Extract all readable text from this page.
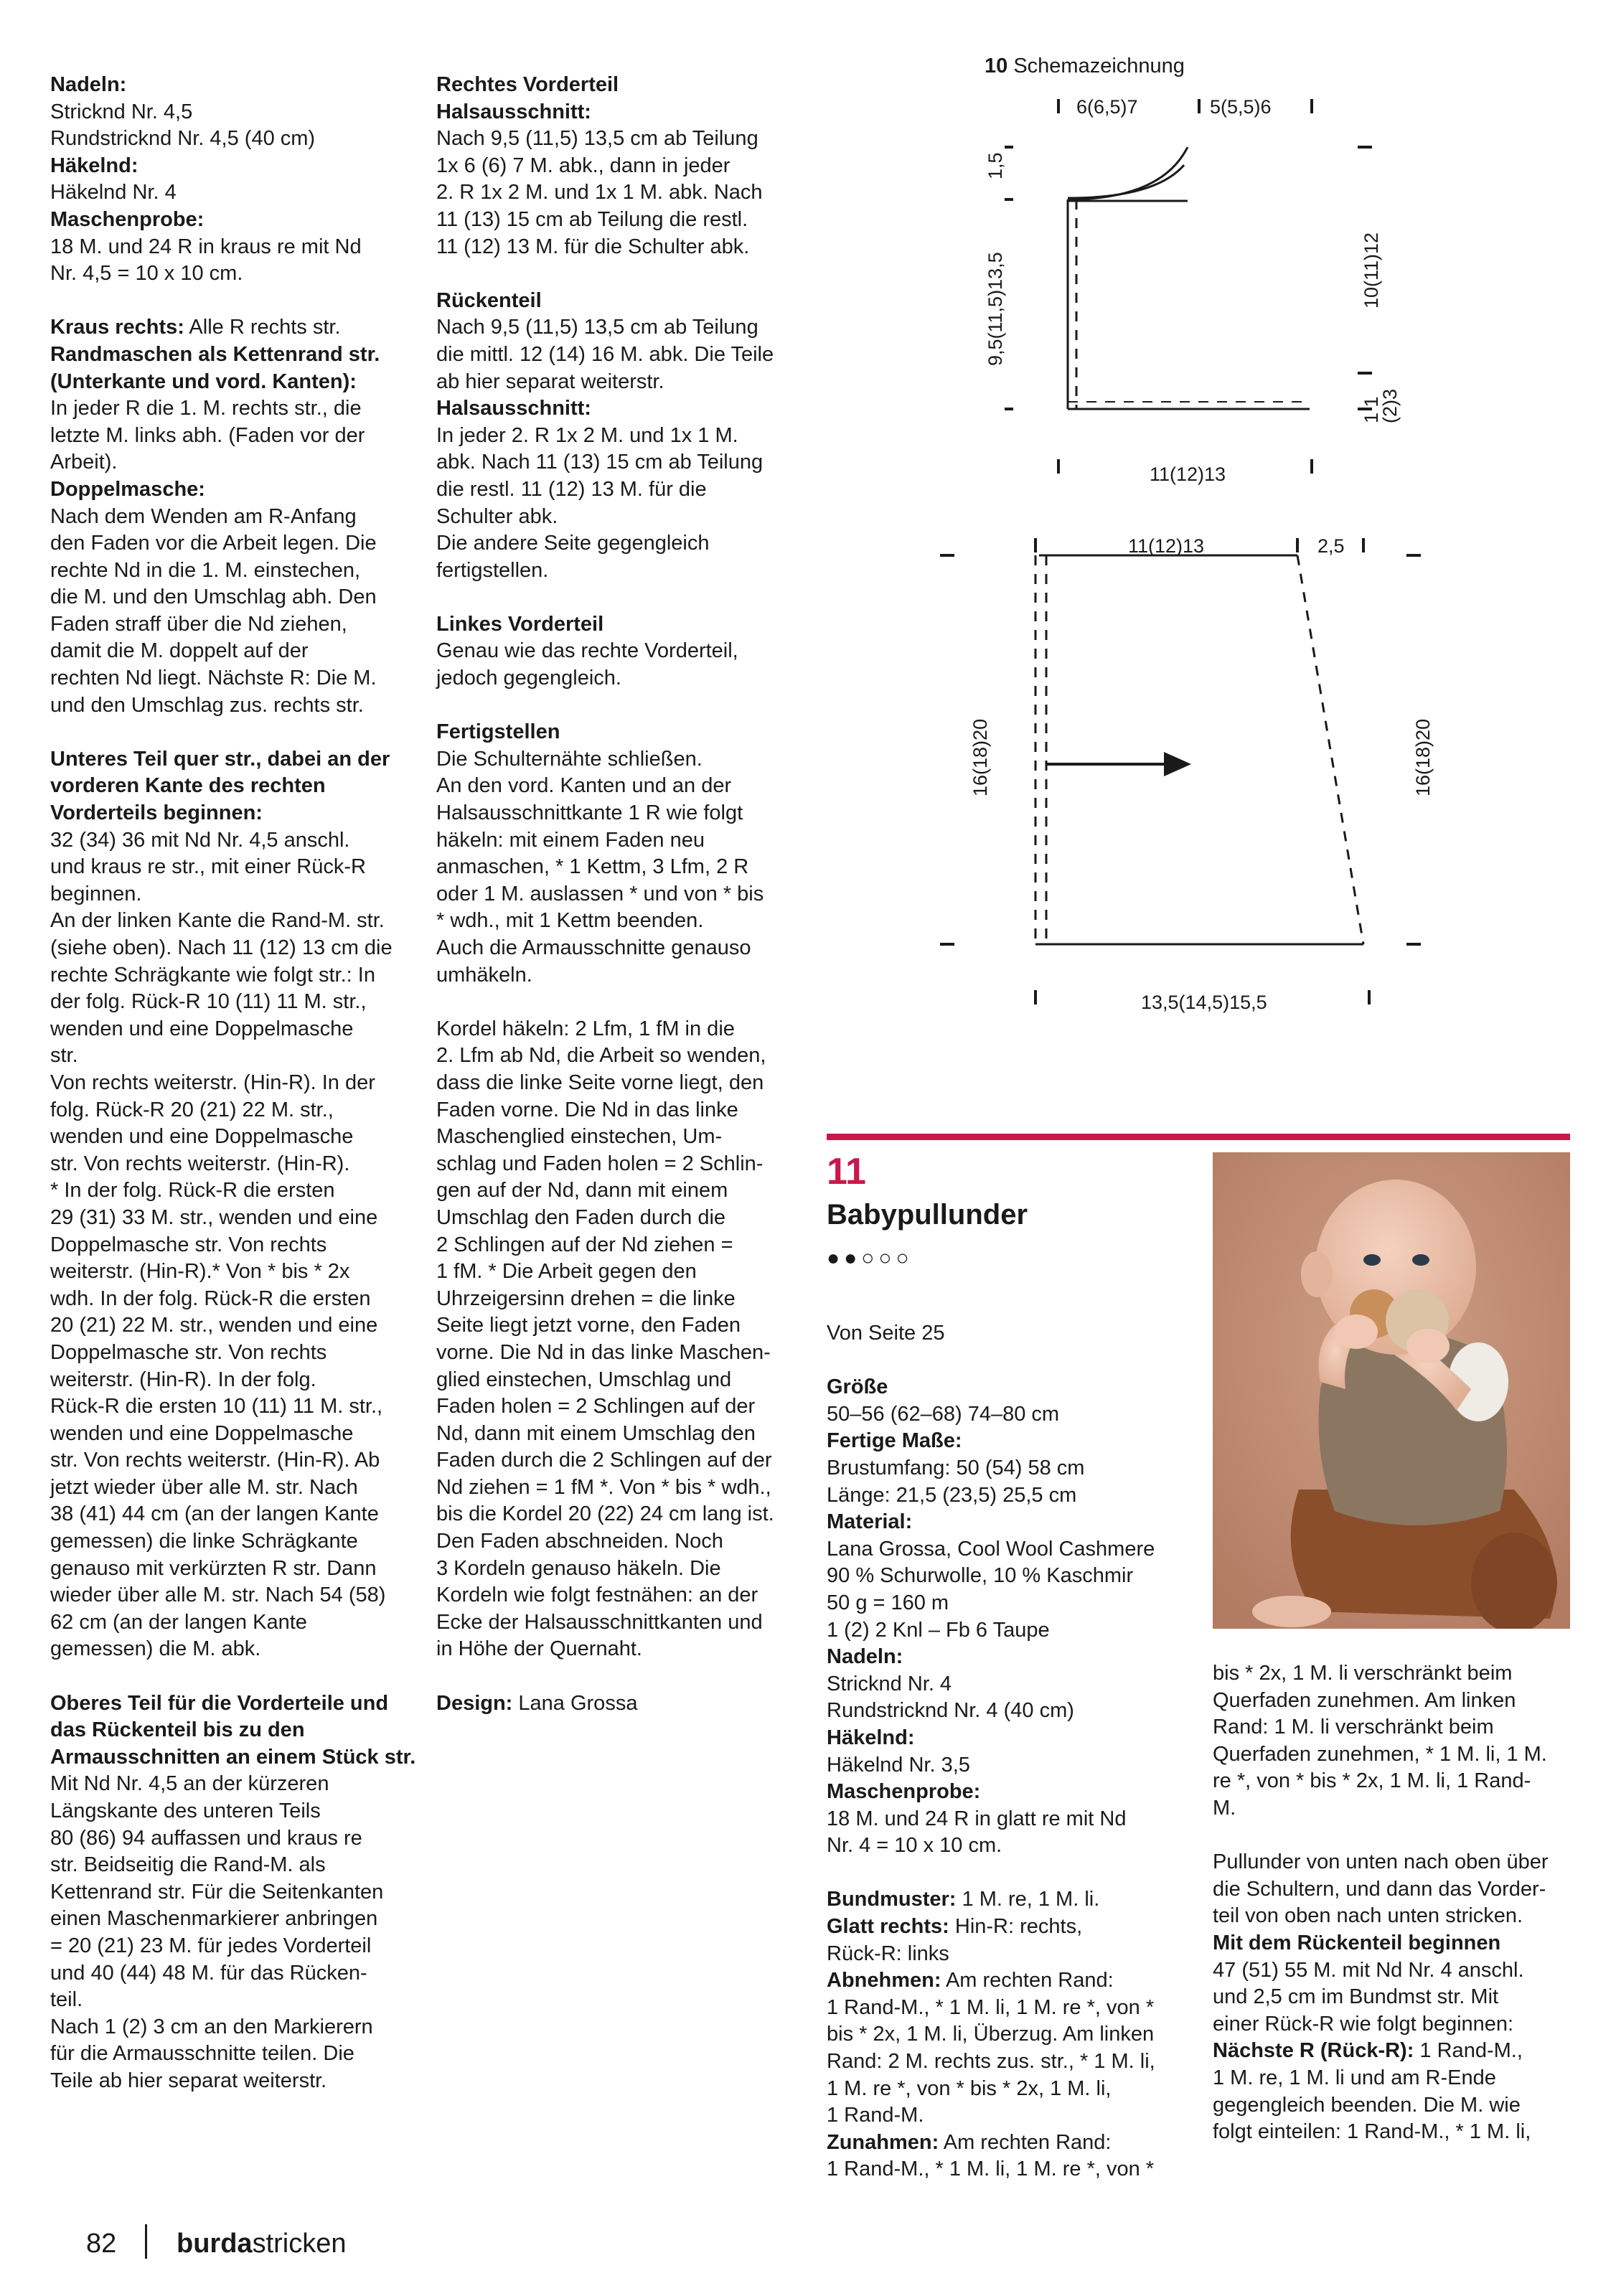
10 Schemazeichnung
6(6,5)7	5(5,5)6
1,5
9,5(11,5)13,5	10(11)12
1 1
(2)3
11(12)13
11(12)13	2,5
16(18)20	16(18)20
13,5(14,5)15,5
Nadeln:

Stricknd Nr. 4,5

Rundstricknd Nr. 4,5 (40 cm)

Häkelnd:

Häkelnd Nr. 4

Maschenprobe:

18 M. und 24 R in kraus re mit Nd

Nr. 4,5 = 10 x 10 cm.

Kraus rechts: Alle R rechts str.

Randmaschen als Kettenrand str. (Unterkante und vord. Kanten):

In jeder R die 1. M. rechts str., die

letzte M. links abh. (Faden vor der

Arbeit).

Doppelmasche:

Nach dem Wenden am R-Anfang

den Faden vor die Arbeit legen. Die

rechte Nd in die 1. M. einstechen,

die M. und den Umschlag abh. Den

Faden straff über die Nd ziehen,

damit die M. doppelt auf der

rechten Nd liegt. Nächste R: Die M.

und den Umschlag zus. rechts str.

Unteres Teil quer str., dabei an der vorderen Kante des rechten Vorderteils beginnen:

32 (34) 36 mit Nd Nr. 4,5 anschl.

und kraus re str., mit einer Rück-R

beginnen.

An der linken Kante die Rand-M. str.

(siehe oben). Nach 11 (12) 13 cm die

rechte Schrägkante wie folgt str.: In

der folg. Rück-R 10 (11) 11 M. str.,

wenden und eine Doppelmasche

str.

Von rechts weiterstr. (Hin-R). In der

folg. Rück-R 20 (21) 22 M. str.,

wenden und eine Doppelmasche

str. Von rechts weiterstr. (Hin-R).

* In der folg. Rück-R die ersten

29 (31) 33 M. str., wenden und eine

Doppelmasche str. Von rechts

weiterstr. (Hin-R).* Von * bis * 2x

wdh. In der folg. Rück-R die ersten

20 (21) 22 M. str., wenden und eine

Doppelmasche str. Von rechts

weiterstr. (Hin-R). In der folg.

Rück-R die ersten 10 (11) 11 M. str.,

wenden und eine Doppelmasche

str. Von rechts weiterstr. (Hin-R). Ab

jetzt wieder über alle M. str. Nach

38 (41) 44 cm (an der langen Kante

gemessen) die linke Schrägkante

genauso mit verkürzten R str. Dann

wieder über alle M. str. Nach 54 (58)

62 cm (an der langen Kante

gemessen) die M. abk.

Oberes Teil für die Vorderteile und das Rückenteil bis zu den Armausschnitten an einem Stück str.

Mit Nd Nr. 4,5 an der kürzeren

Längskante des unteren Teils

80 (86) 94 auffassen und kraus re

str. Beidseitig die Rand-M. als

Kettenrand str. Für die Seitenkanten

einen Maschenmarkierer anbringen

= 20 (21) 23 M. für jedes Vorderteil

und 40 (44) 48 M. für das Rücken-

teil.

Nach 1 (2) 3 cm an den Markierern

für die Armausschnitte teilen. Die

Teile ab hier separat weiterstr.

Rechtes Vorderteil
Halsausschnitt:

Nach 9,5 (11,5) 13,5 cm ab Teilung

1x 6 (6) 7 M. abk., dann in jeder

2. R 1x 2 M. und 1x 1 M. abk. Nach

11 (13) 15 cm ab Teilung die restl.

11 (12) 13 M. für die Schulter abk.

Rückenteil

Nach 9,5 (11,5) 13,5 cm ab Teilung

die mittl. 12 (14) 16 M. abk. Die Teile

ab hier separat weiterstr.

Halsausschnitt:

In jeder 2. R 1x 2 M. und 1x 1 M.

abk. Nach 11 (13) 15 cm ab Teilung

die restl. 11 (12) 13 M. für die

Schulter abk.

Die andere Seite gegengleich

fertigstellen.

Linkes Vorderteil

Genau wie das rechte Vorderteil,

jedoch gegengleich.

Fertigstellen

Die Schulternähte schließen.

An den vord. Kanten und an der

Halsausschnittkante 1 R wie folgt

häkeln: mit einem Faden neu

anmaschen, * 1 Kettm, 3 Lfm, 2 R

oder 1 M. auslassen * und von * bis

* wdh., mit 1 Kettm beenden.

Auch die Armausschnitte genauso

umhäkeln.

Kordel häkeln: 2 Lfm, 1 fM in die

2. Lfm ab Nd, die Arbeit so wenden,

dass die linke Seite vorne liegt, den

Faden vorne. Die Nd in das linke

Maschenglied einstechen, Um-

schlag und Faden holen = 2 Schlin-

gen auf der Nd, dann mit einem

Umschlag den Faden durch die

2 Schlingen auf der Nd ziehen =

1 fM. * Die Arbeit gegen den

Uhrzeigersinn drehen = die linke

Seite liegt jetzt vorne, den Faden

vorne. Die Nd in das linke Maschen-

glied einstechen, Umschlag und

Faden holen = 2 Schlingen auf der

Nd, dann mit einem Umschlag den

Faden durch die 2 Schlingen auf der

Nd ziehen = 1 fM *. Von * bis * wdh.,

bis die Kordel 20 (22) 24 cm lang ist.

Den Faden abschneiden. Noch

3 Kordeln genauso häkeln. Die

Kordeln wie folgt festnähen: an der

Ecke der Halsausschnittkanten und

in Höhe der Quernaht.

Design: Lana Grossa

11
Babypullunder
●●○○○

Von Seite 25

Größe

50–56 (62–68) 74–80 cm

Fertige Maße:

Brustumfang: 50 (54) 58 cm

Länge: 21,5 (23,5) 25,5 cm

Material:

Lana Grossa, Cool Wool Cashmere

90 % Schurwolle, 10 % Kaschmir

50 g = 160 m

1 (2) 2 Knl – Fb 6 Taupe

Nadeln:

Stricknd Nr. 4

Rundstricknd Nr. 4 (40 cm)

Häkelnd:

Häkelnd Nr. 3,5

Maschenprobe:

18 M. und 24 R in glatt re mit Nd

Nr. 4 = 10 x 10 cm.

Bundmuster: 1 M. re, 1 M. li.

Glatt rechts: Hin-R: rechts,

Rück-R: links

Abnehmen: Am rechten Rand:

1 Rand-M., * 1 M. li, 1 M. re *, von *

bis * 2x, 1 M. li, Überzug. Am linken

Rand: 2 M. rechts zus. str., * 1 M. li,

1 M. re *, von * bis * 2x, 1 M. li,

1 Rand-M.

Zunahmen: Am rechten Rand:

1 Rand-M., * 1 M. li, 1 M. re *, von *

bis * 2x, 1 M. li verschränkt beim

Querfaden zunehmen. Am linken

Rand: 1 M. li verschränkt beim

Querfaden zunehmen, * 1 M. li, 1 M.

re *, von * bis * 2x, 1 M. li, 1 Rand-

M.

Pullunder von unten nach oben über

die Schultern, und dann das Vorder-

teil von oben nach unten stricken.

Mit dem Rückenteil beginnen

47 (51) 55 M. mit Nd Nr. 4 anschl.

und 2,5 cm im Bundmst str. Mit

einer Rück-R wie folgt beginnen:

Nächste R (Rück-R): 1 Rand-M.,

1 M. re, 1 M. li und am R-Ende

gegengleich beenden. Die M. wie

folgt einteilen: 1 Rand-M., * 1 M. li,

82 burdastricken
